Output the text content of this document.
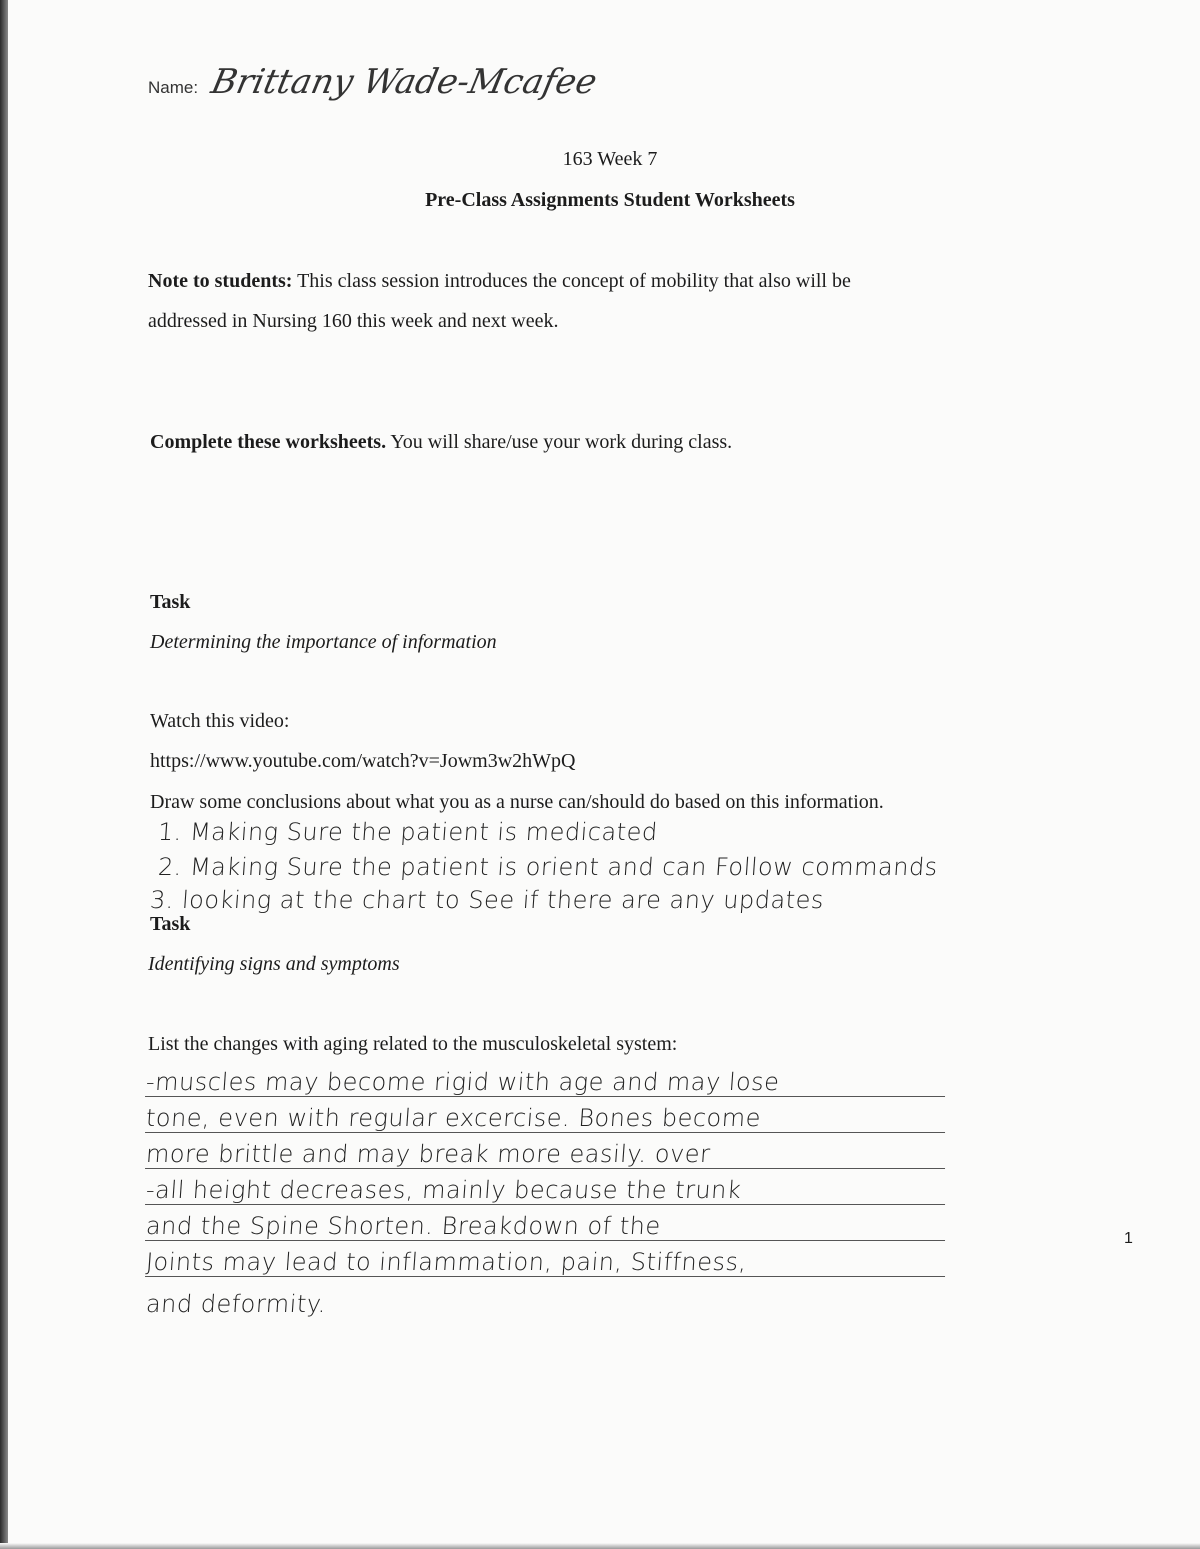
Name: Brittany Wade-Mcafee
163 Week 7
Pre-Class Assignments Student Worksheets
Note to students: This class session introduces the concept of mobility that also will be
addressed in Nursing 160 this week and next week.
Complete these worksheets. You will share/use your work during class.
Task
Determining the importance of information
Watch this video:
https://www.youtube.com/watch?v=Jowm3w2hWpQ
Draw some conclusions about what you as a nurse can/should do based on this information.
1. Making Sure the patient is medicated
2. Making Sure the patient is orient and can Follow commands
3. looking at the chart to See if there are any updates
Task
Identifying signs and symptoms
List the changes with aging related to the musculoskeletal system:
-muscles may become rigid with age and may lose
tone, even with regular excercise. Bones become
more brittle and may break more easily. over
-all height decreases, mainly because the trunk
and the Spine Shorten. Breakdown of the
Joints may lead to inflammation, pain, Stiffness,
and deformity.
1
